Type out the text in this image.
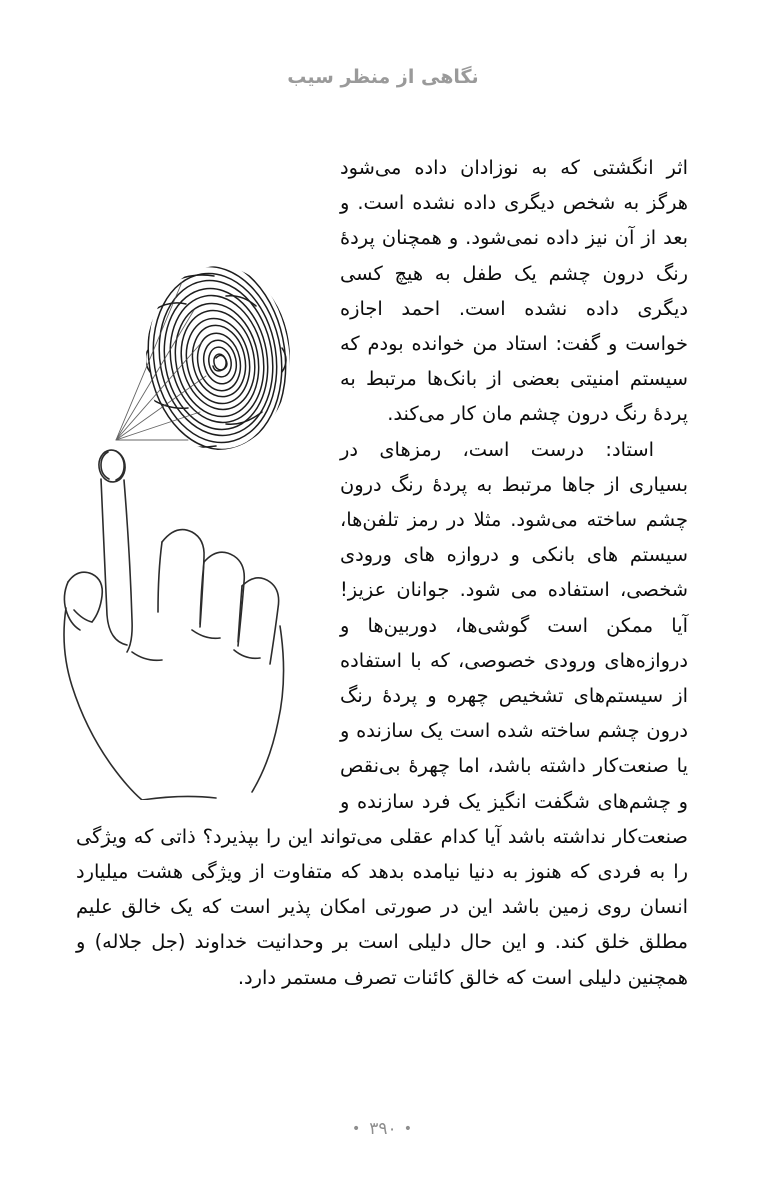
نگاهی از منظر سیب

اثر انگشتی که به نوزادان داده می‌شود هرگز به شخص دیگری داده نشده است. و بعد از آن نیز داده نمی‌شود. و همچنان پردهٔ رنگ درون چشم یک طفل به هیچ کسی دیگری داده نشده است. احمد اجازه خواست و گفت: استاد من خوانده بودم که سیستم امنیتی بعضی از بانک‌ها مرتبط به پردهٔ رنگ درون چشم مان کار می‌کند.

استاد: درست است، رمزهای در بسیاری از جاها مرتبط به پردهٔ رنگ درون چشم ساخته می‌شود. مثلا در رمز تلفن‌ها، سیستم های بانکی و دروازه های ورودی شخصی، استفاده می شود. جوانان عزیز! آیا ممکن است گوشی‌ها، دوربین‌ها و دروازه‌های ورودی خصوصی، که با استفاده از سیستم‌های تشخیص چهره و پردهٔ رنگ درون چشم ساخته شده است یک سازنده و یا صنعت‌کار داشته باشد، اما چهرهٔ بی‌نقص و چشم‌های شگفت انگیز یک فرد سازنده و صنعت‌کار نداشته باشد آیا کدام عقلی می‌تواند این را بپذیرد؟ ذاتی که ویژگی را به فردی که هنوز به دنیا نیامده بدهد که متفاوت از ویژگی هشت میلیارد انسان روی زمین باشد این در صورتی امکان پذیر است که یک خالق علیم مطلق خلق کند. و این حال دلیلی است بر وحدانیت خداوند (جل جلاله) و همچنین دلیلی است که خالق کائنات تصرف مستمر دارد.

•۳۹۰•
